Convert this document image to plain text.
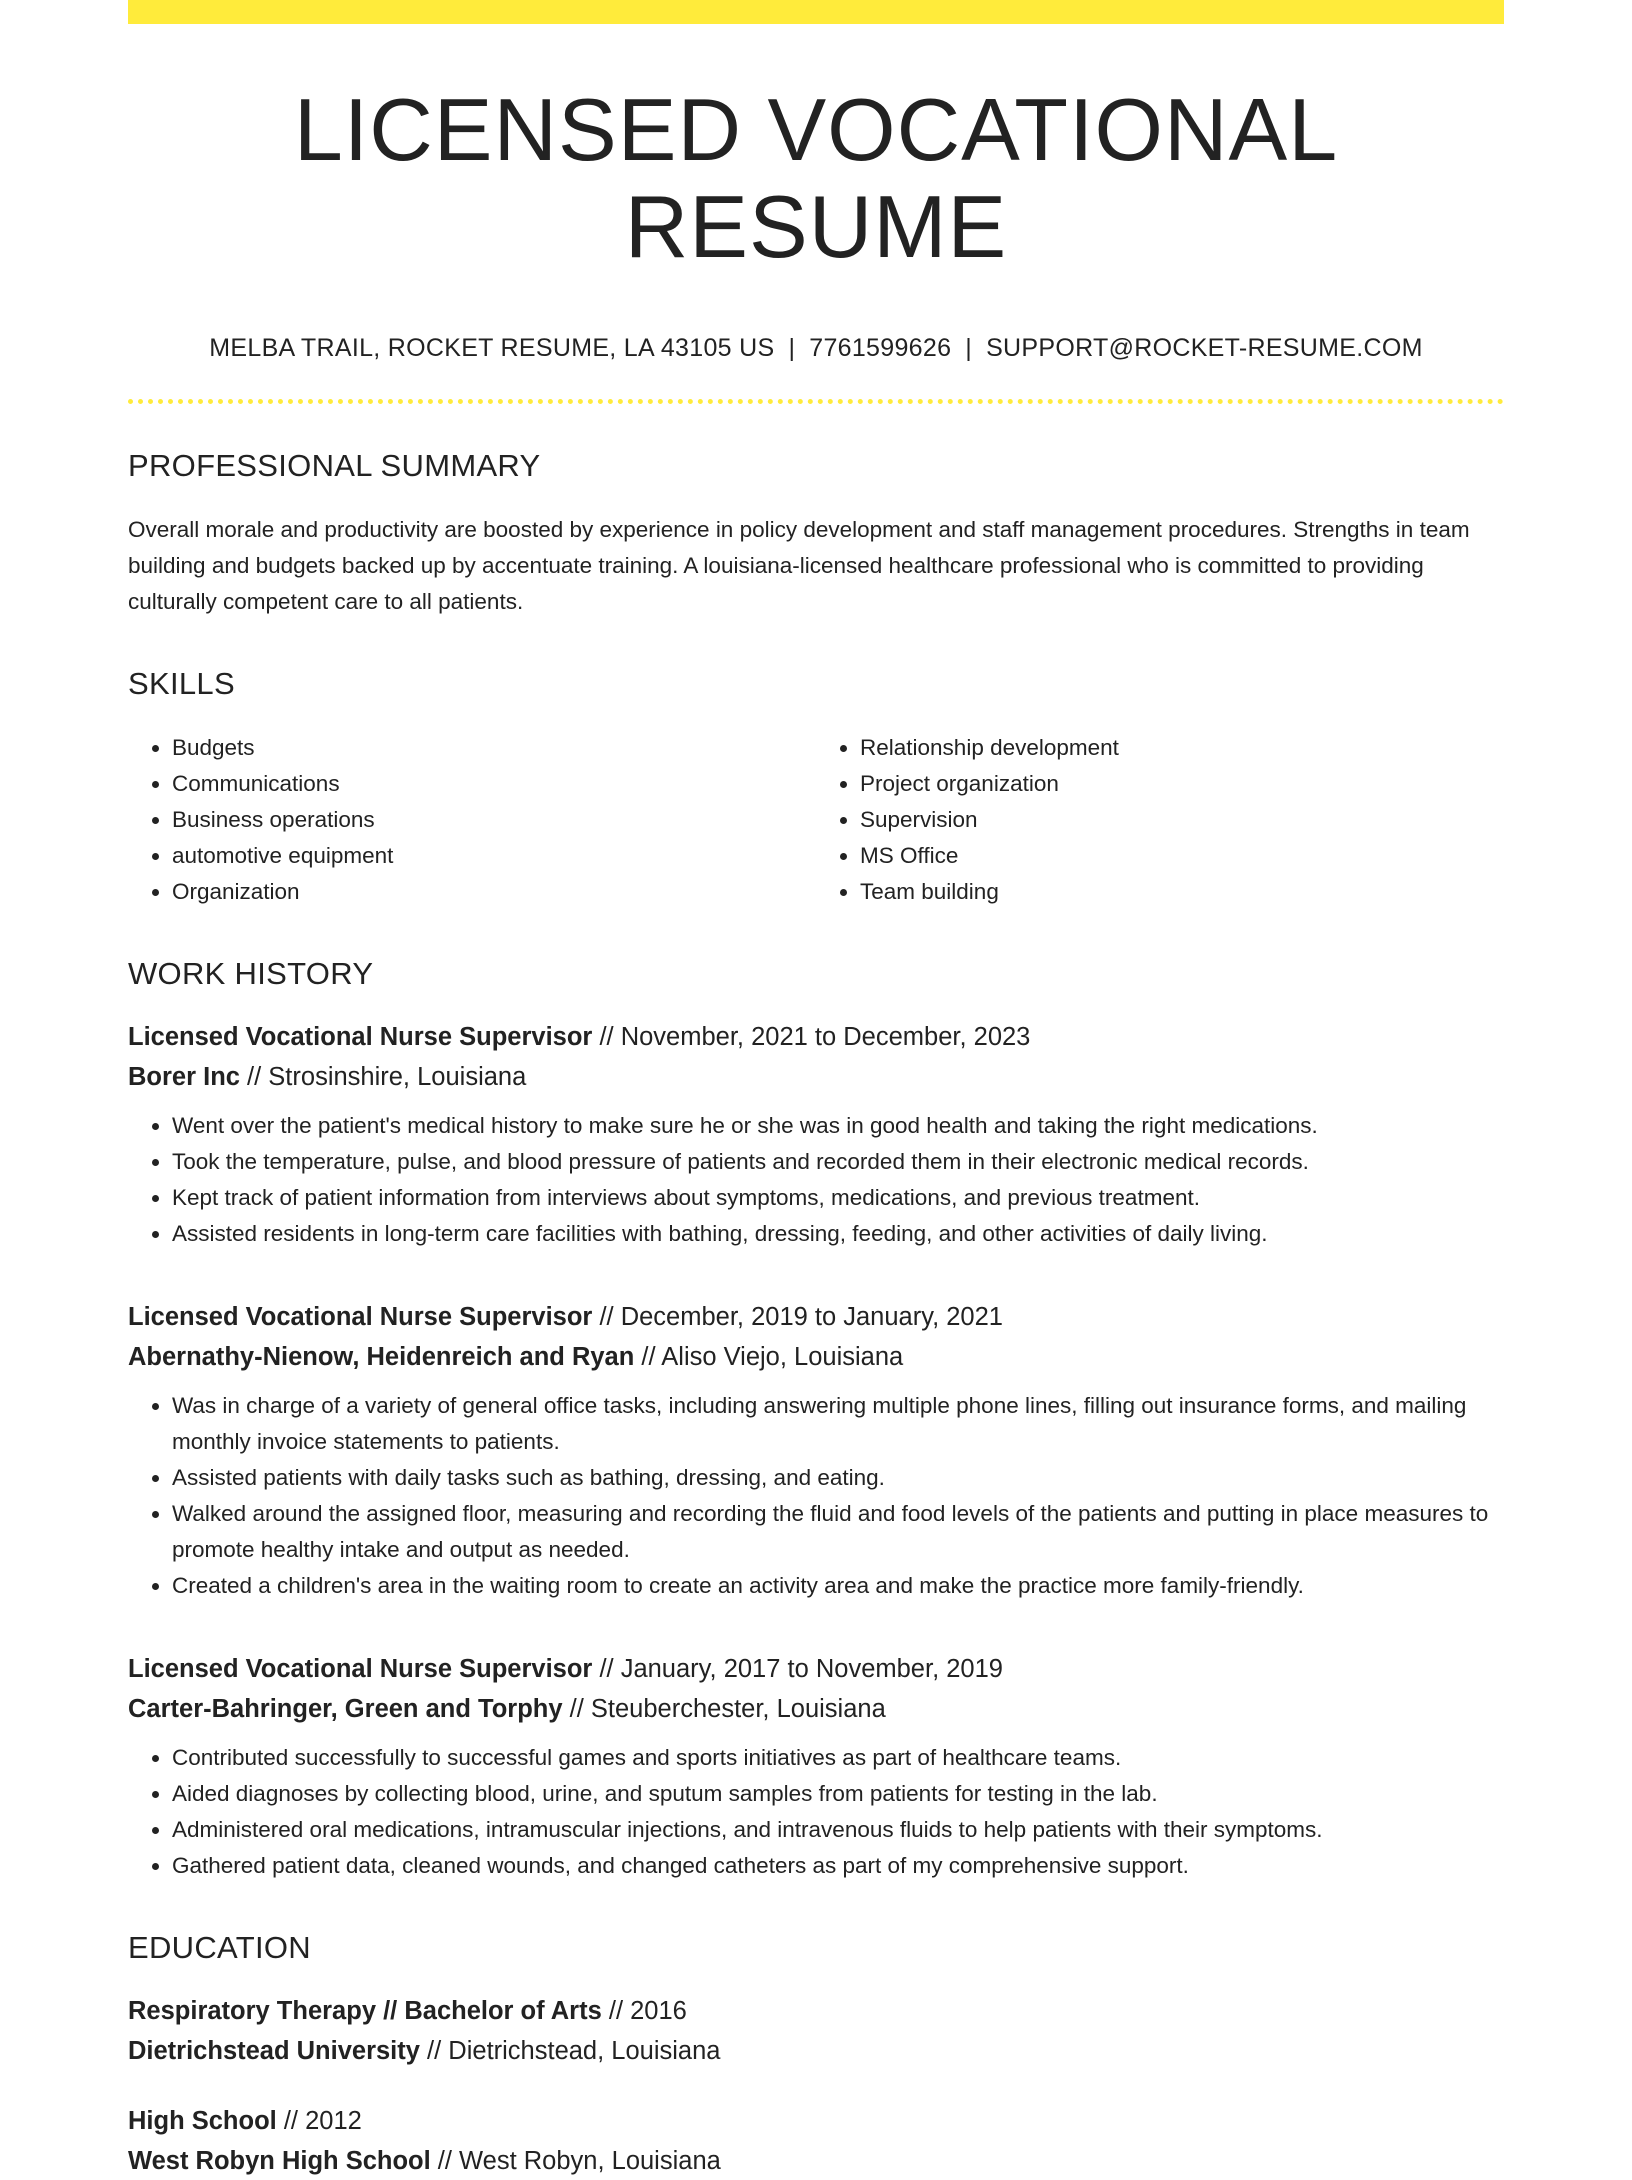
LICENSED VOCATIONAL RESUME
MELBA TRAIL, ROCKET RESUME, LA 43105 US | 7761599626 | SUPPORT@ROCKET-RESUME.COM
PROFESSIONAL SUMMARY

Overall morale and productivity are boosted by experience in policy development and staff management procedures. Strengths in team building and budgets backed up by accentuate training. A louisiana-licensed healthcare professional who is committed to providing culturally competent care to all patients.

SKILLS
• Budgets
• Communications
• Business operations
• automotive equipment
• Organization
• Relationship development
• Project organization
• Supervision
• MS Office
• Team building
WORK HISTORY
Licensed Vocational Nurse Supervisor // November, 2021 to December, 2023
Borer Inc // Strosinshire, Louisiana
• Went over the patient's medical history to make sure he or she was in good health and taking the right medications.
• Took the temperature, pulse, and blood pressure of patients and recorded them in their electronic medical records.
• Kept track of patient information from interviews about symptoms, medications, and previous treatment.
• Assisted residents in long-term care facilities with bathing, dressing, feeding, and other activities of daily living.
Licensed Vocational Nurse Supervisor // December, 2019 to January, 2021
Abernathy-Nienow, Heidenreich and Ryan // Aliso Viejo, Louisiana
• Was in charge of a variety of general office tasks, including answering multiple phone lines, filling out insurance forms, and mailing monthly invoice statements to patients.
• Assisted patients with daily tasks such as bathing, dressing, and eating.
• Walked around the assigned floor, measuring and recording the fluid and food levels of the patients and putting in place measures to promote healthy intake and output as needed.
• Created a children's area in the waiting room to create an activity area and make the practice more family-friendly.
Licensed Vocational Nurse Supervisor // January, 2017 to November, 2019
Carter-Bahringer, Green and Torphy // Steuberchester, Louisiana
• Contributed successfully to successful games and sports initiatives as part of healthcare teams.
• Aided diagnoses by collecting blood, urine, and sputum samples from patients for testing in the lab.
• Administered oral medications, intramuscular injections, and intravenous fluids to help patients with their symptoms.
• Gathered patient data, cleaned wounds, and changed catheters as part of my comprehensive support.
EDUCATION
Respiratory Therapy // Bachelor of Arts // 2016
Dietrichstead University // Dietrichstead, Louisiana
High School // 2012
West Robyn High School // West Robyn, Louisiana
